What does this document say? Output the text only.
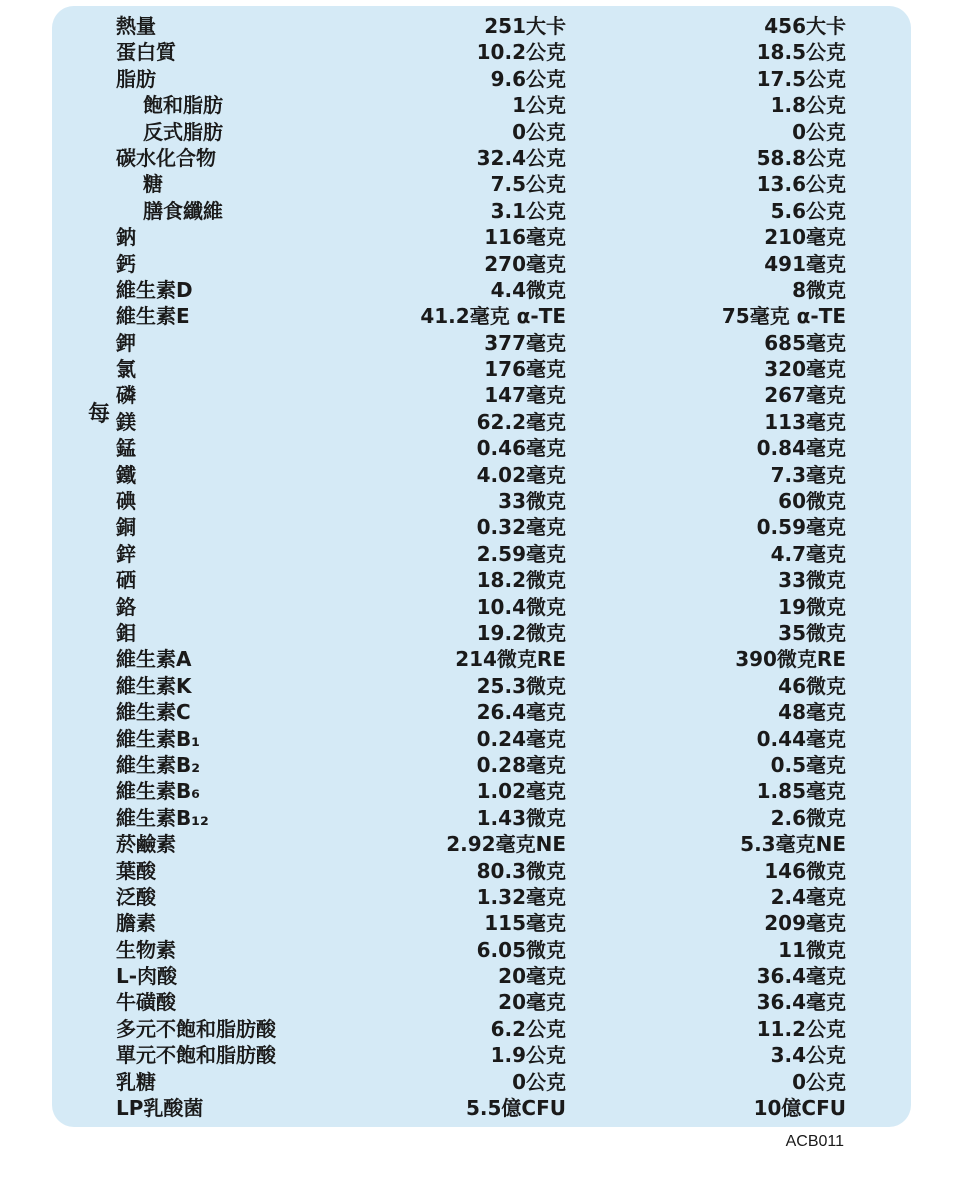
熱量	251大卡	456大卡
蛋白質	10.2公克	18.5公克
脂肪	9.6公克	17.5公克
飽和脂肪	1公克	1.8公克
反式脂肪	0公克	0公克
碳水化合物	32.4公克	58.8公克
糖	7.5公克	13.6公克
膳食纖維	3.1公克	5.6公克
鈉	116毫克	210毫克
鈣	270毫克	491毫克
維生素D	4.4微克	8微克
維生素E	41.2毫克 α-TE	75毫克 α-TE
鉀	377毫克	685毫克
氯	176毫克	320毫克
磷	147毫克	267毫克
鎂	62.2毫克	113毫克
錳	0.46毫克	0.84毫克
鐵	4.02毫克	7.3毫克
碘	33微克	60微克
銅	0.32毫克	0.59毫克
鋅	2.59毫克	4.7毫克
硒	18.2微克	33微克
鉻	10.4微克	19微克
鉬	19.2微克	35微克
維生素A	214微克RE	390微克RE
維生素K	25.3微克	46微克
維生素C	26.4毫克	48毫克
維生素B₁	0.24毫克	0.44毫克
維生素B₂	0.28毫克	0.5毫克
維生素B₆	1.02毫克	1.85毫克
維生素B₁₂	1.43微克	2.6微克
菸鹼素	2.92毫克NE	5.3毫克NE
葉酸	80.3微克	146微克
泛酸	1.32毫克	2.4毫克
膽素	115毫克	209毫克
生物素	6.05微克	11微克
L-肉酸	20毫克	36.4毫克
牛磺酸	20毫克	36.4毫克
多元不飽和脂肪酸	6.2公克	11.2公克
單元不飽和脂肪酸	1.9公克	3.4公克
乳糖	0公克	0公克
LP乳酸菌	5.5億CFU	10億CFU
每
ACB011
